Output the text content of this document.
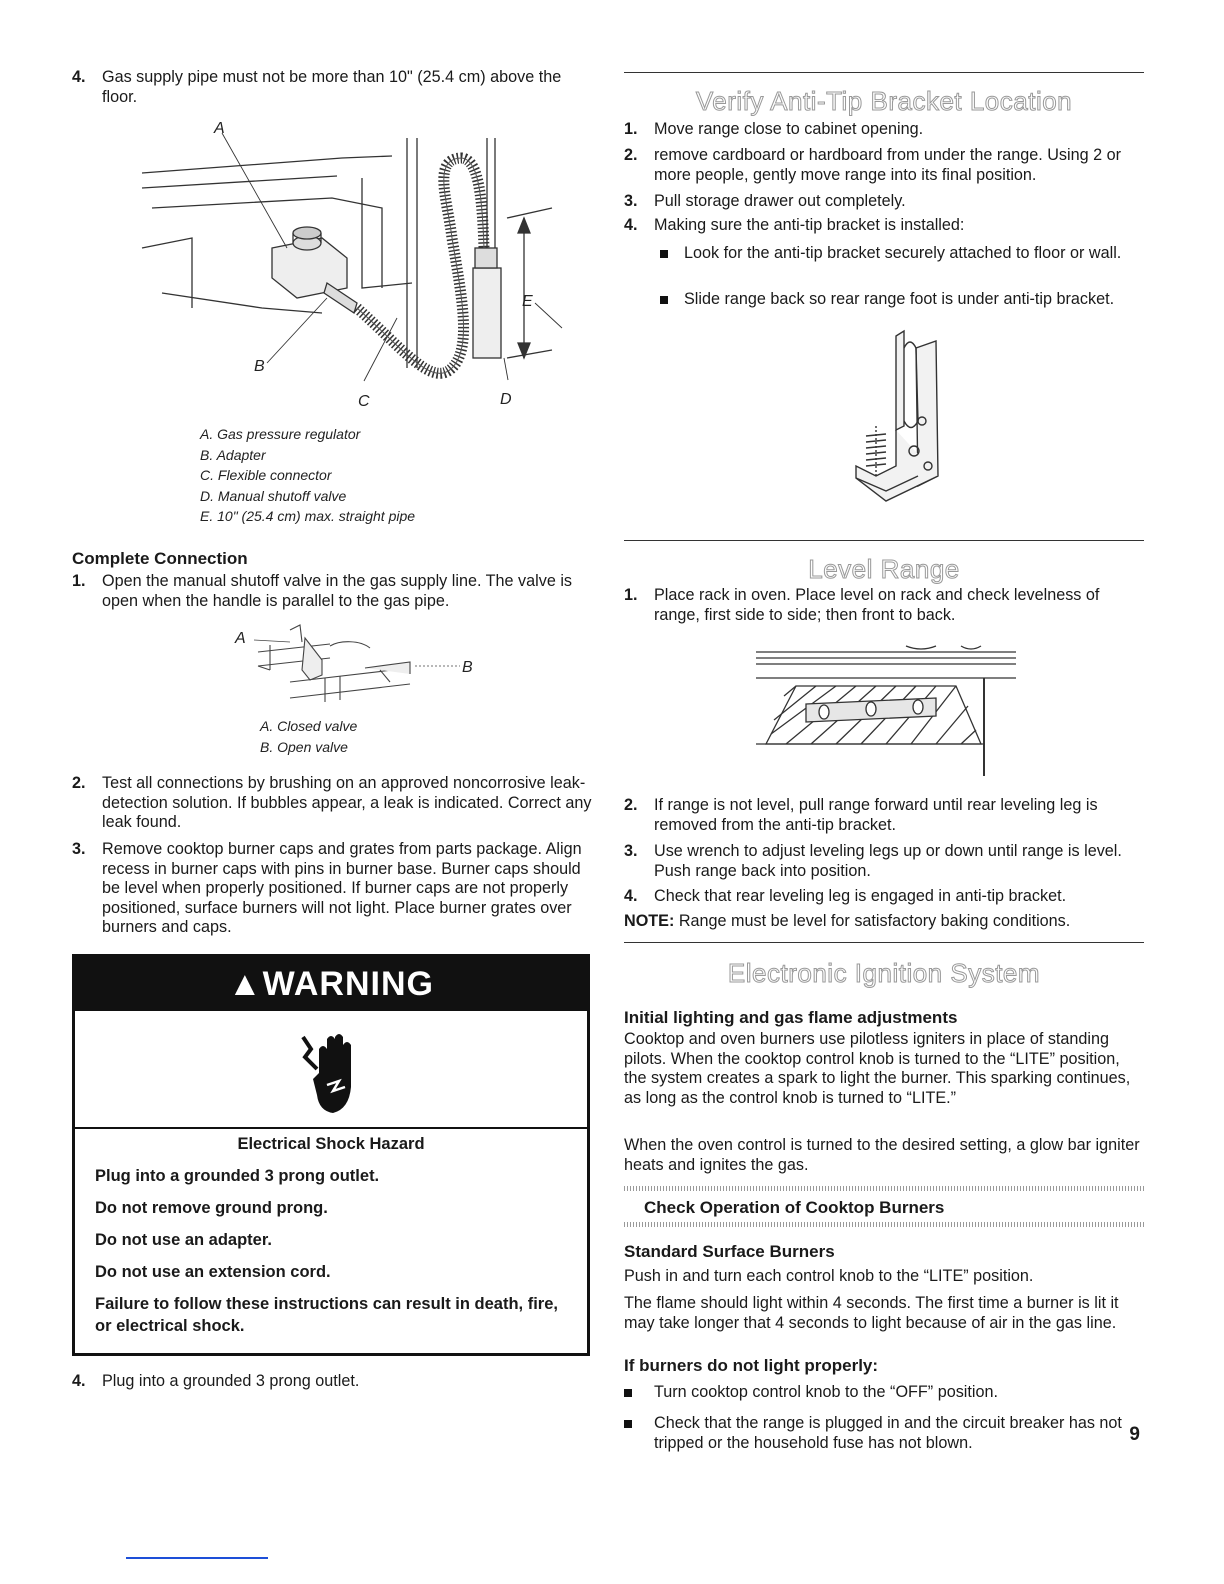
4. Gas supply pipe must not be more than 10" (25.4 cm) above the floor.
A
B
C	D
E
A. Gas pressure regulator
B. Adapter
C. Flexible connector
D. Manual shutoff valve
E. 10" (25.4 cm) max. straight pipe
Complete Connection
1. Open the manual shutoff valve in the gas supply line. The valve is open when the handle is parallel to the gas pipe.
A
B
A. Closed valve
B. Open valve
2. Test all connections by brushing on an approved noncorrosive leak-detection solution. If bubbles appear, a leak is indicated. Correct any leak found.
3. Remove cooktop burner caps and grates from parts package. Align recess in burner caps with pins in burner base. Burner caps should be level when properly positioned. If burner caps are not properly positioned, surface burners will not light. Place burner grates over burners and caps.
▲WARNING
Electrical Shock Hazard
Plug into a grounded 3 prong outlet.
Do not remove ground prong.
Do not use an adapter.
Do not use an extension cord.
Failure to follow these instructions can result in death, fire, or electrical shock.
4. Plug into a grounded 3 prong outlet.
Verify Anti-Tip Bracket Location
1. Move range close to cabinet opening.
2. remove cardboard or hardboard from under the range. Using 2 or more people, gently move range into its final position.
3. Pull storage drawer out completely.
4. Making sure the anti-tip bracket is installed:
Look for the anti-tip bracket securely attached to floor or wall.
Slide range back so rear range foot is under anti-tip bracket.
Level Range
1. Place rack in oven. Place level on rack and check levelness of range, first side to side; then front to back.
2. If range is not level, pull range forward until rear leveling leg is removed from the anti-tip bracket.
3. Use wrench to adjust leveling legs up or down until range is level. Push range back into position.
4. Check that rear leveling leg is engaged in anti-tip bracket.
NOTE: Range must be level for satisfactory baking conditions.
Electronic Ignition System
Initial lighting and gas flame adjustments
Cooktop and oven burners use pilotless igniters in place of standing pilots. When the cooktop control knob is turned to the “LITE” position, the system creates a spark to light the burner. This sparking continues, as long as the control knob is turned to “LITE.”
When the oven control is turned to the desired setting, a glow bar igniter heats and ignites the gas.
Check Operation of Cooktop Burners
Standard Surface Burners
Push in and turn each control knob to the “LITE” position.
The flame should light within 4 seconds. The first time a burner is lit it may take longer that 4 seconds to light because of air in the gas line.
If burners do not light properly:
Turn cooktop control knob to the “OFF” position.
Check that the range is plugged in and the circuit breaker has not tripped or the household fuse has not blown.	9
